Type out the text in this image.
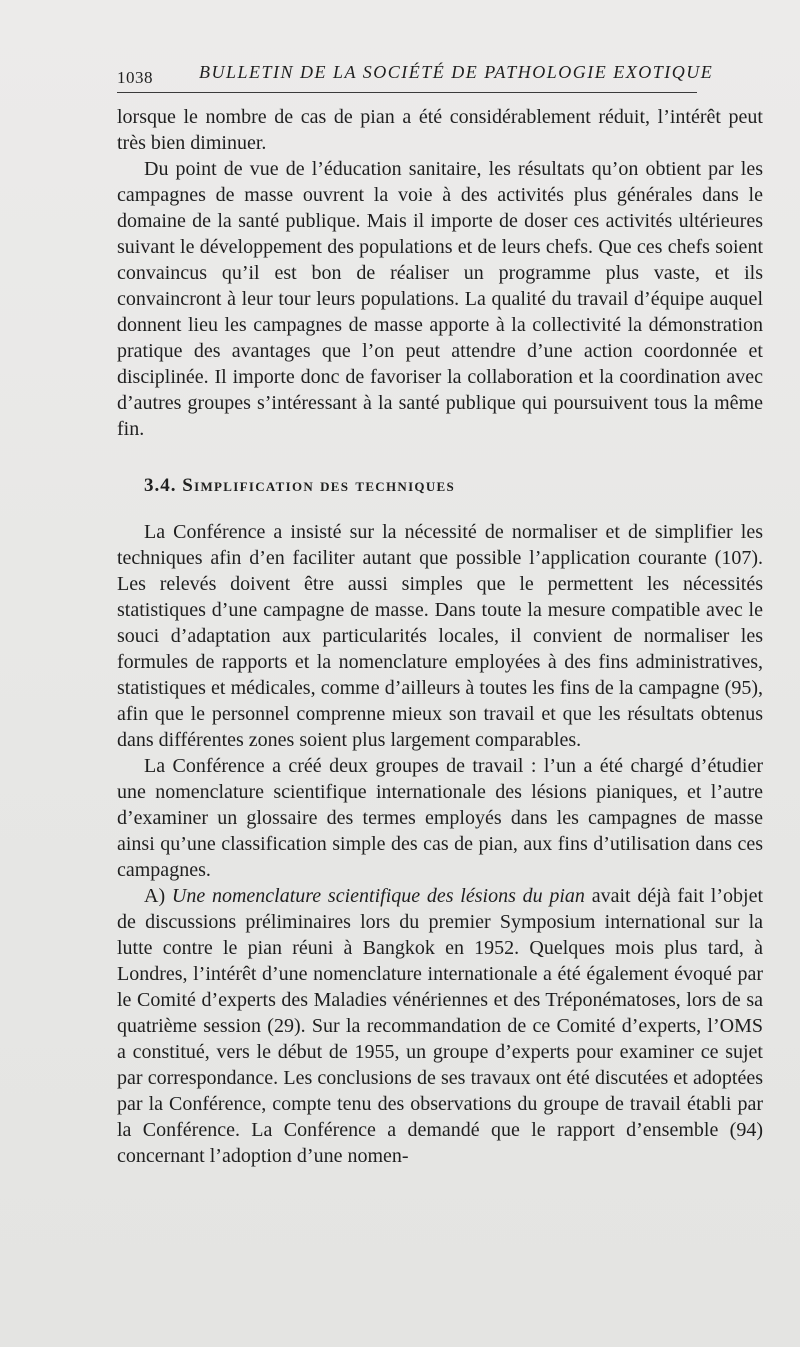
1038	BULLETIN DE LA SOCIÉTÉ DE PATHOLOGIE EXOTIQUE

lorsque le nombre de cas de pian a été considérablement réduit, l’intérêt peut très bien diminuer.

Du point de vue de l’éducation sanitaire, les résultats qu’on obtient par les campagnes de masse ouvrent la voie à des activités plus générales dans le domaine de la santé publique. Mais il importe de doser ces activités ultérieures suivant le développement des populations et de leurs chefs. Que ces chefs soient convaincus qu’il est bon de réaliser un programme plus vaste, et ils convaincront à leur tour leurs populations. La qualité du travail d’équipe auquel donnent lieu les campagnes de masse apporte à la collectivité la démonstration pratique des avantages que l’on peut attendre d’une action coordonnée et disciplinée. Il importe donc de favoriser la collaboration et la coordination avec d’autres groupes s’intéressant à la santé publique qui poursuivent tous la même fin.

3.4. Simplification des techniques

La Conférence a insisté sur la nécessité de normaliser et de simplifier les techniques afin d’en faciliter autant que possible l’application courante (107). Les relevés doivent être aussi simples que le permettent les nécessités statistiques d’une campagne de masse. Dans toute la mesure compatible avec le souci d’adaptation aux particularités locales, il convient de normaliser les formules de rapports et la nomenclature employées à des fins administratives, statistiques et médicales, comme d’ailleurs à toutes les fins de la campagne (95), afin que le personnel comprenne mieux son travail et que les résultats obtenus dans différentes zones soient plus largement comparables.

La Conférence a créé deux groupes de travail : l’un a été chargé d’étudier une nomenclature scientifique internationale des lésions pianiques, et l’autre d’examiner un glossaire des termes employés dans les campagnes de masse ainsi qu’une classification simple des cas de pian, aux fins d’utilisation dans ces campagnes.

A) Une nomenclature scientifique des lésions du pian avait déjà fait l’objet de discussions préliminaires lors du premier Symposium international sur la lutte contre le pian réuni à Bangkok en 1952. Quelques mois plus tard, à Londres, l’intérêt d’une nomenclature internationale a été également évoqué par le Comité d’experts des Maladies vénériennes et des Tréponématoses, lors de sa quatrième session (29). Sur la recommandation de ce Comité d’experts, l’OMS a constitué, vers le début de 1955, un groupe d’experts pour examiner ce sujet par correspondance. Les conclusions de ses travaux ont été discutées et adoptées par la Conférence, compte tenu des observations du groupe de travail établi par la Conférence. La Conférence a demandé que le rapport d’ensemble (94) concernant l’adoption d’une nomen-
